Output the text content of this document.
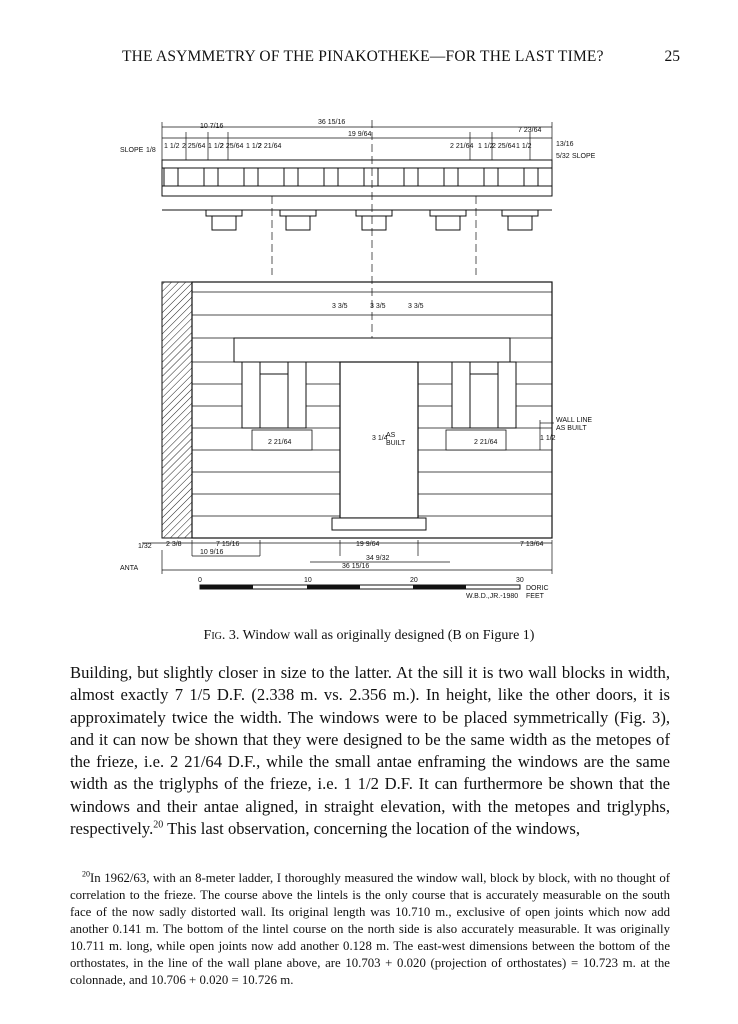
THE ASYMMETRY OF THE PINAKOTHEKE—FOR THE LAST TIME?	25
36 15/16
19 9/64
10 7/16
SLOPE 1/8
1 1/2 2 25/64 1 1/2
2 25/64 1 1/2
2 21/64	2 21/64 1 1/2
2 25/64 1 1/2
7 23/64
13/16
5/32 SLOPE
3 3/5	3 3/5	3 3/5
2 21/64	2 21/64
3 1/4
AS
BUILT
WALL LINE
AS BUILT
1 1/2
1/32 2 3/8	7 15/16
10 9/16
19 9/64	7 13/64
34 9/32
36 15/16
ANTA
0	10	20	30
DORIC
FEET
W.B.D.,JR.-1980
Fig. 3. Window wall as originally designed (B on Figure 1)
Building, but slightly closer in size to the latter. At the sill it is two wall blocks in width, almost exactly 7 1/5 D.F. (2.338 m. vs. 2.356 m.). In height, like the other doors, it is approximately twice the width. The windows were to be placed symmetrically (Fig. 3), and it can now be shown that they were designed to be the same width as the metopes of the frieze, i.e. 2 21/64 D.F., while the small antae enframing the windows are the same width as the triglyphs of the frieze, i.e. 1 1/2 D.F. It can furthermore be shown that the windows and their antae aligned, in straight elevation, with the metopes and triglyphs, respectively.$^{20}$ This last observation, concerning the location of the windows,
$^{20}$In 1962/63, with an 8-meter ladder, I thoroughly measured the window wall, block by block, with no thought of correlation to the frieze. The course above the lintels is the only course that is accurately measurable on the south face of the now sadly distorted wall. Its original length was 10.710 m., exclusive of open joints which now add another 0.141 m. The bottom of the lintel course on the north side is also accurately measurable. It was originally 10.711 m. long, while open joints now add another 0.128 m. The east-west dimensions between the bottom of the orthostates, in the line of the wall plane above, are 10.703 + 0.020 (projection of orthostates) = 10.723 m. at the colonnade, and 10.706 + 0.020 = 10.726 m.
